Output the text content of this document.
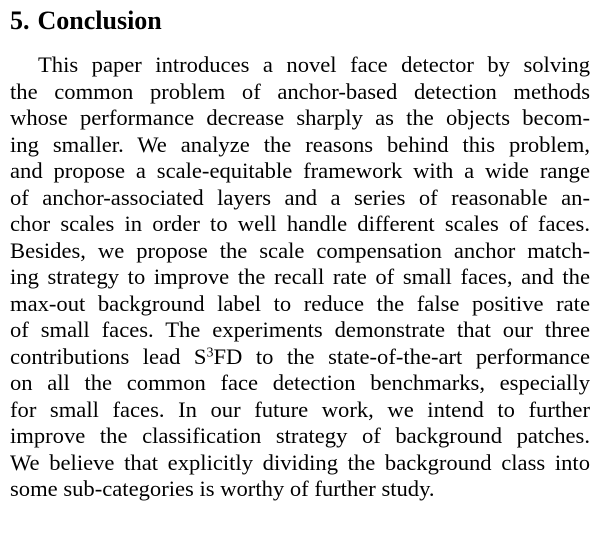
5. Conclusion
This paper introduces a novel face detector by solving
the common problem of anchor-based detection methods
whose performance decrease sharply as the objects becom-
ing smaller. We analyze the reasons behind this problem,
and propose a scale-equitable framework with a wide range
of anchor-associated layers and a series of reasonable an-
chor scales in order to well handle different scales of faces.
Besides, we propose the scale compensation anchor match-
ing strategy to improve the recall rate of small faces, and the
max-out background label to reduce the false positive rate
of small faces. The experiments demonstrate that our three
contributions lead $S^3FD$ to the state-of-the-art performance
on all the common face detection benchmarks, especially
for small faces. In our future work, we intend to further
improve the classification strategy of background patches.
We believe that explicitly dividing the background class into
some sub-categories is worthy of further study.
